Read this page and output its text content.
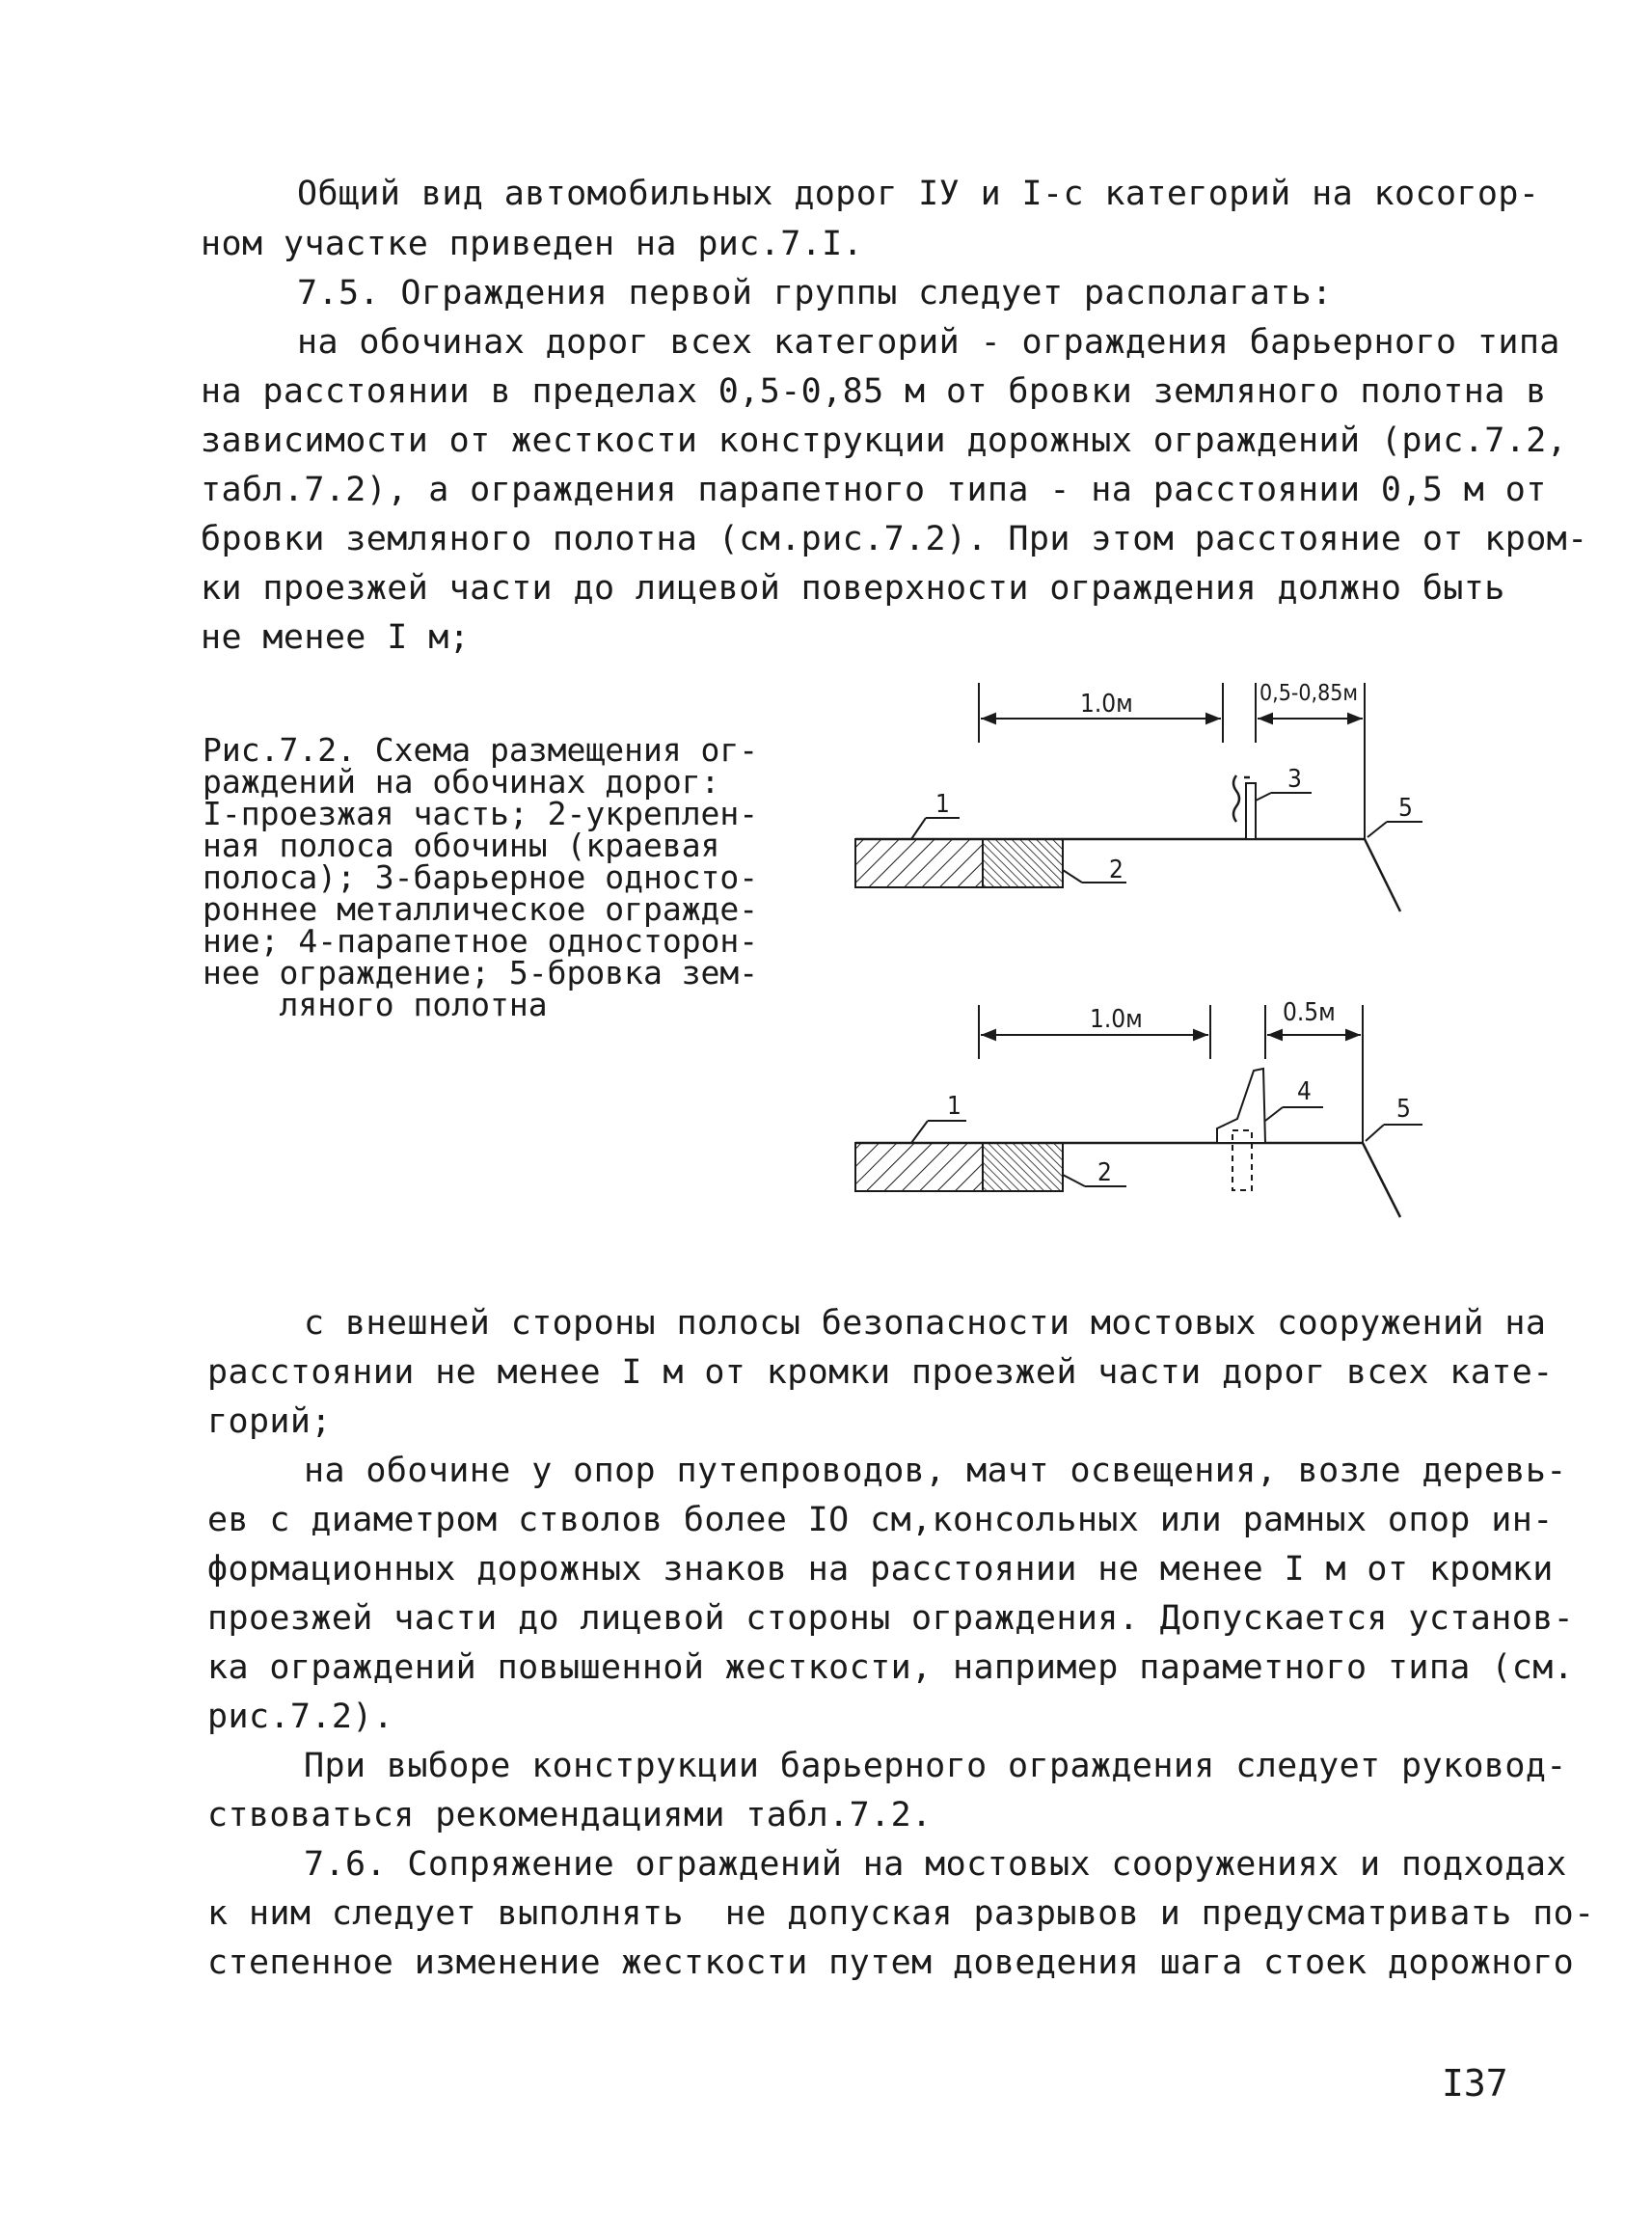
Общий вид автомобильных дорог IУ и I-с категорий на косогор-
ном участке приведен на рис.7.I.
7.5. Ограждения первой группы следует располагать:
на обочинах дорог всех категорий - ограждения барьерного типа
на расстоянии в пределах 0,5-0,85 м от бровки земляного полотна в
зависимости от жесткости конструкции дорожных ограждений (рис.7.2,
табл.7.2), а ограждения парапетного типа - на расстоянии 0,5 м от
бровки земляного полотна (см.рис.7.2). При этом расстояние от кром-
ки проезжей части до лицевой поверхности ограждения должно быть
не менее I м;
Рис.7.2. Схема размещения ог-
раждений на обочинах дорог:
I-проезжая часть; 2-укреплен-
ная полоса обочины (краевая
полоса); 3-барьерное односто-
роннее металлическое огражде-
ние; 4-парапетное односторон-
нее ограждение; 5-бровка зем-
ляного полотна
1.0м	0,5-0,85м
3
1
2
5
1.0м	0.5м
4
1
2
5
с внешней стороны полосы безопасности мостовых сооружений на
расстоянии не менее I м от кромки проезжей части дорог всех кате-
горий;
на обочине у опор путепроводов, мачт освещения, возле деревь-
ев с диаметром стволов более IO см,консольных или рамных опор ин-
формационных дорожных знаков на расстоянии не менее I м от кромки
проезжей части до лицевой стороны ограждения. Допускается установ-
ка ограждений повышенной жесткости, например параметного типа (см.
рис.7.2).
При выборе конструкции барьерного ограждения следует руковод-
ствоваться рекомендациями табл.7.2.
7.6. Сопряжение ограждений на мостовых сооружениях и подходах
к ним следует выполнять  не допуская разрывов и предусматривать по-
степенное изменение жесткости путем доведения шага стоек дорожного
I37
